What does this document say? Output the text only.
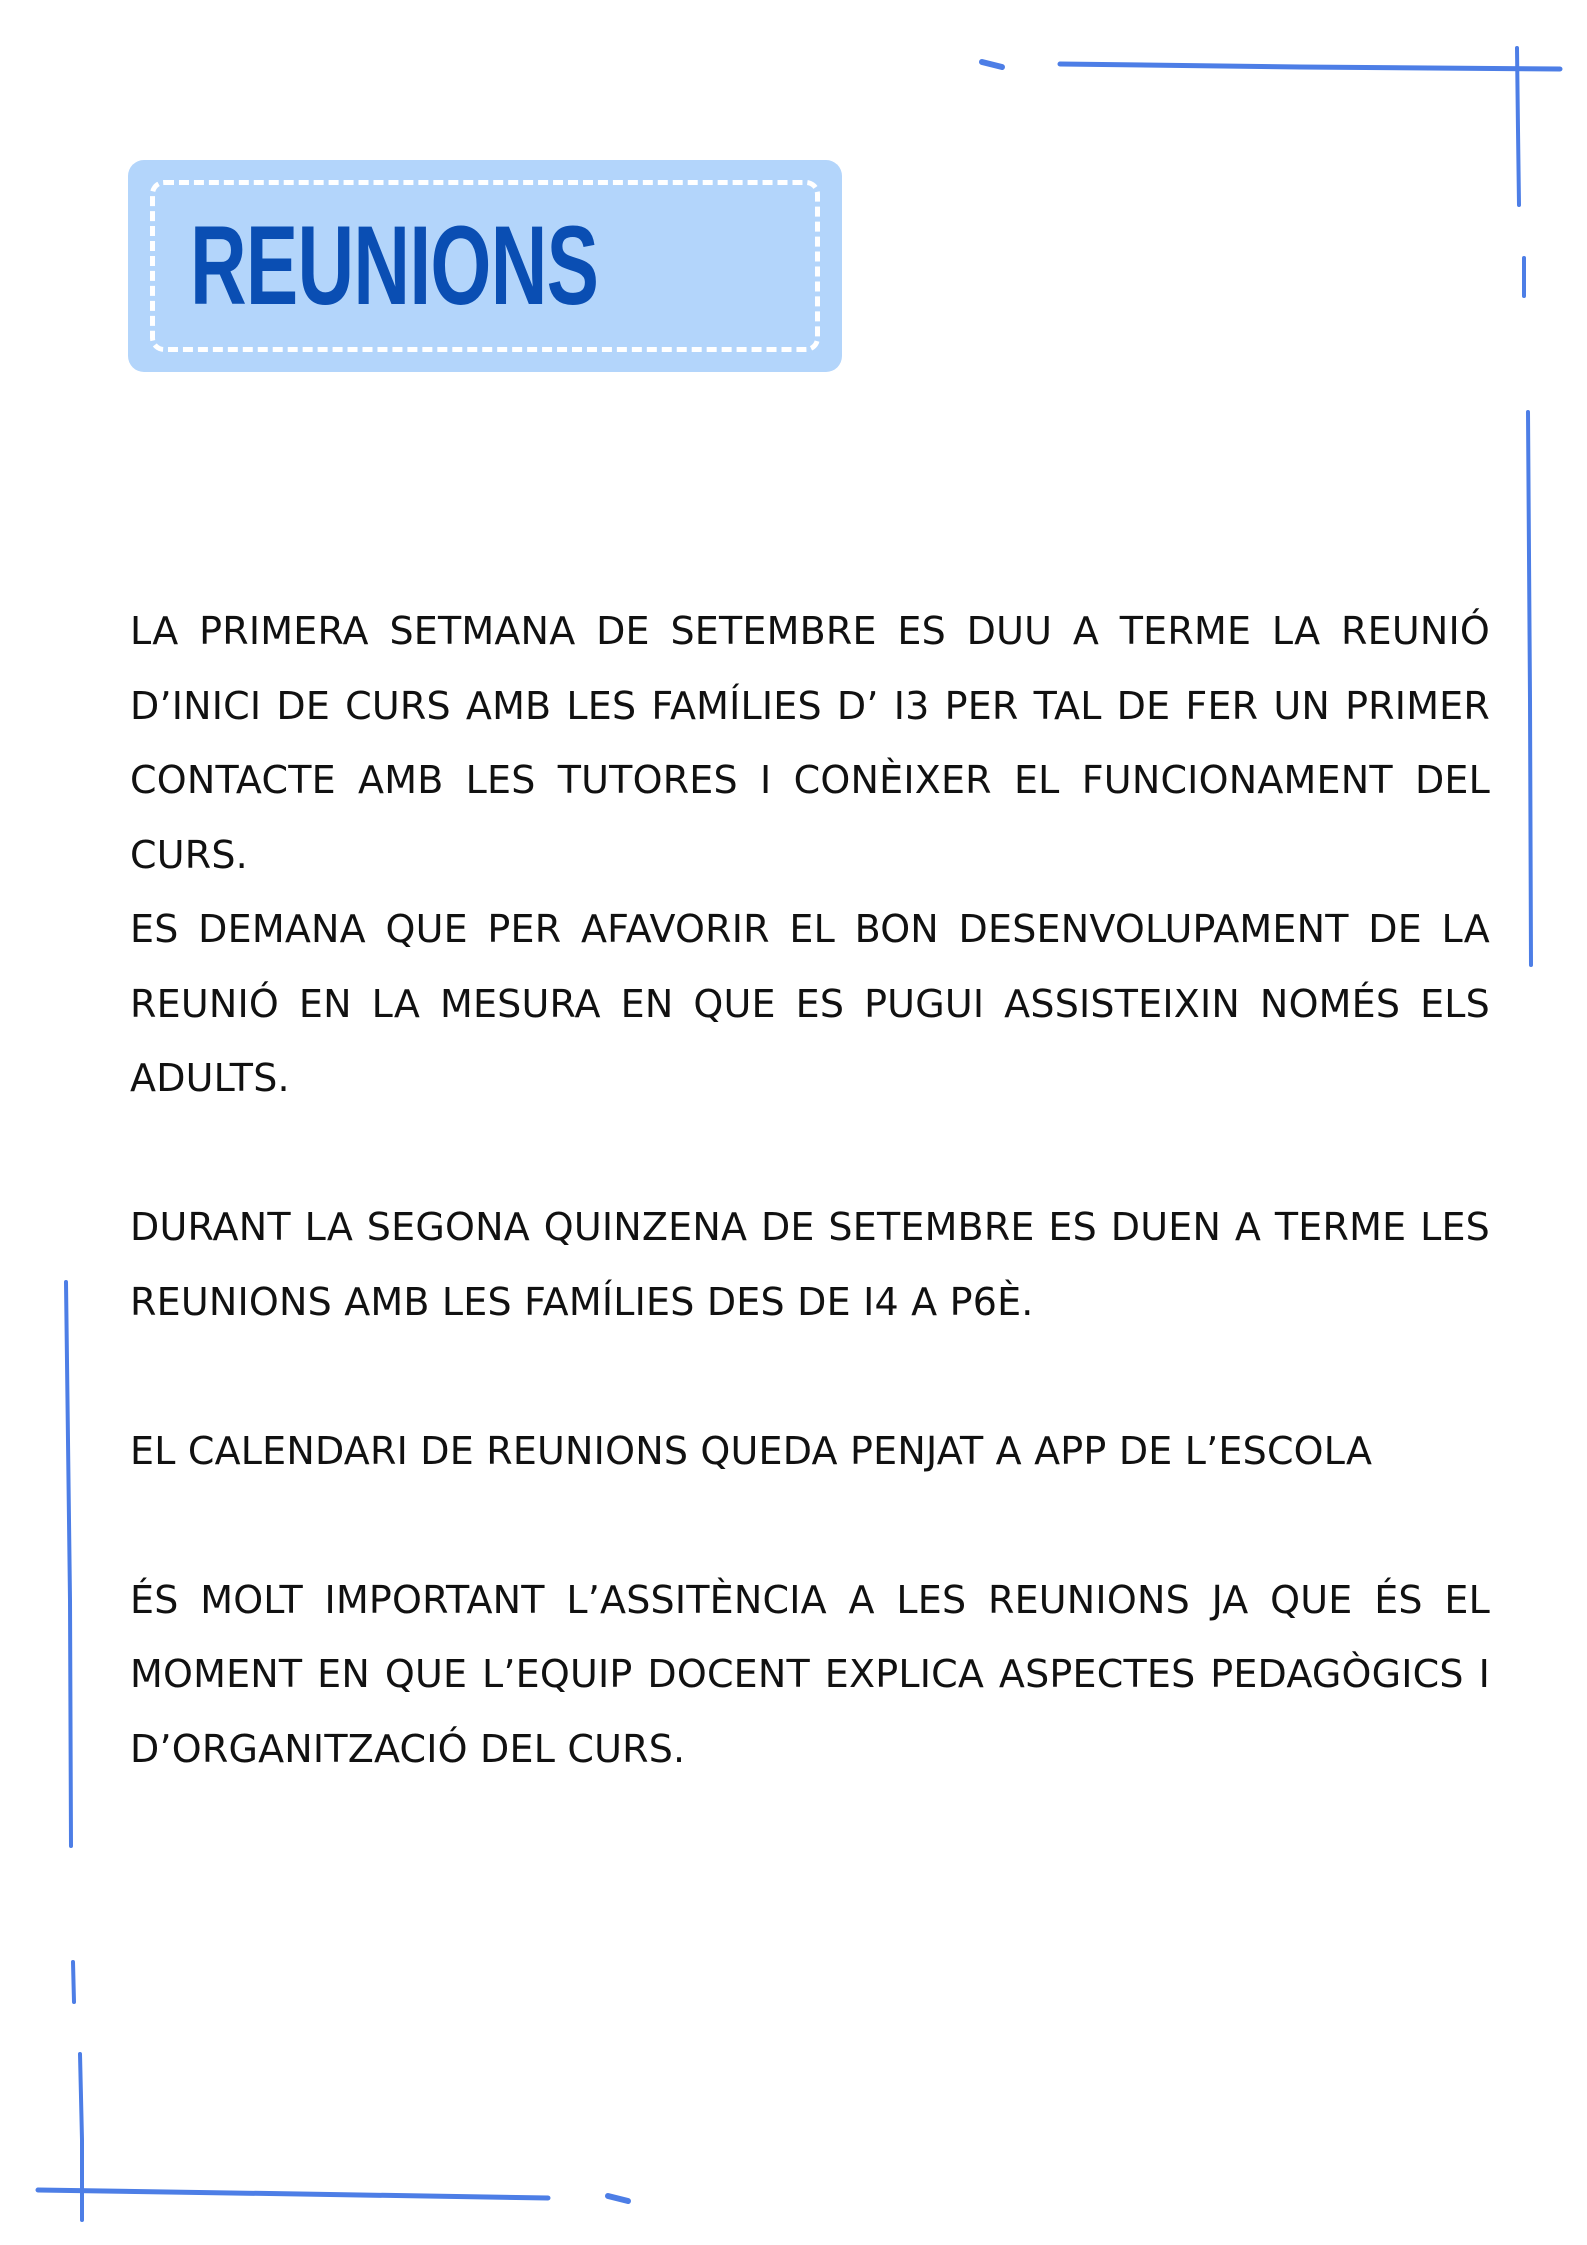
REUNIONS

LA PRIMERA SETMANA DE SETEMBRE ES DUU A TERME LA REUNIÓ D’INICI DE CURS AMB LES FAMÍLIES D’ I3 PER TAL DE FER UN PRIMER CONTACTE AMB LES TUTORES I CONÈIXER EL FUNCIONAMENT DEL CURS.

ES DEMANA QUE PER AFAVORIR EL BON DESENVOLUPAMENT DE LA REUNIÓ EN LA MESURA EN QUE ES PUGUI ASSISTEIXIN NOMÉS ELS ADULTS.

DURANT LA SEGONA QUINZENA DE SETEMBRE ES DUEN A TERME LES REUNIONS AMB LES FAMÍLIES DES DE I4 A P6È.

EL CALENDARI DE REUNIONS QUEDA PENJAT A APP DE L’ESCOLA

ÉS MOLT IMPORTANT L’ASSITÈNCIA A LES REUNIONS JA QUE ÉS EL MOMENT EN QUE L’EQUIP DOCENT EXPLICA ASPECTES PEDAGÒGICS I D’ORGANITZACIÓ DEL CURS.
